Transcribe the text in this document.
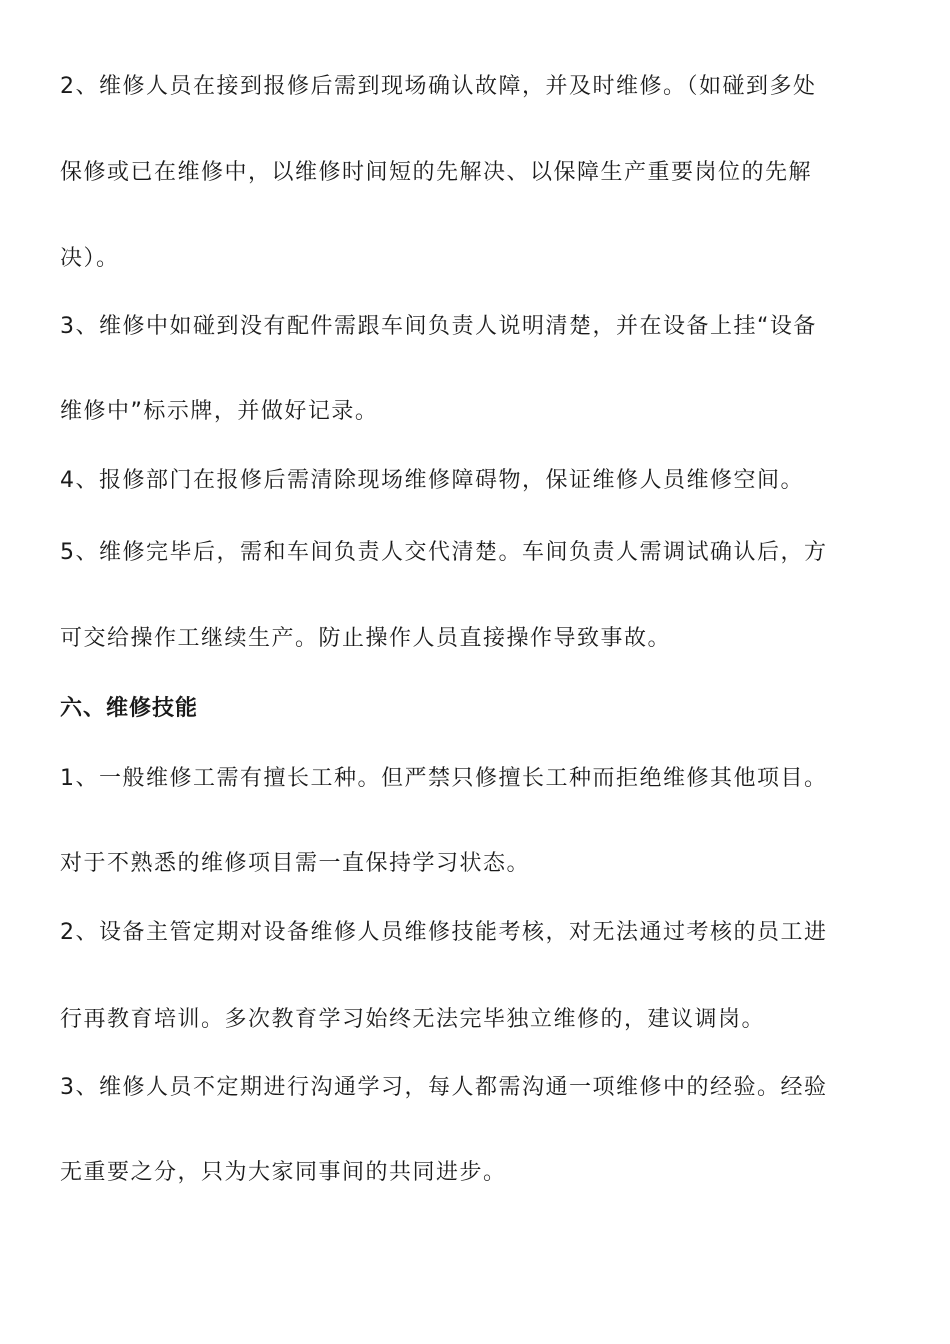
2、维修人员在接到报修后需到现场确认故障，并及时维修。（如碰到多处
保修或已在维修中，以维修时间短的先解决、以保障生产重要岗位的先解
决）。
3、维修中如碰到没有配件需跟车间负责人说明清楚，并在设备上挂“设备
维修中”标示牌，并做好记录。
4、报修部门在报修后需清除现场维修障碍物，保证维修人员维修空间。
5、维修完毕后，需和车间负责人交代清楚。车间负责人需调试确认后，方
可交给操作工继续生产。防止操作人员直接操作导致事故。
六、维修技能
1、一般维修工需有擅长工种。但严禁只修擅长工种而拒绝维修其他项目。
对于不熟悉的维修项目需一直保持学习状态。
2、设备主管定期对设备维修人员维修技能考核，对无法通过考核的员工进
行再教育培训。多次教育学习始终无法完毕独立维修的，建议调岗。
3、维修人员不定期进行沟通学习，每人都需沟通一项维修中的经验。经验
无重要之分，只为大家同事间的共同进步。
